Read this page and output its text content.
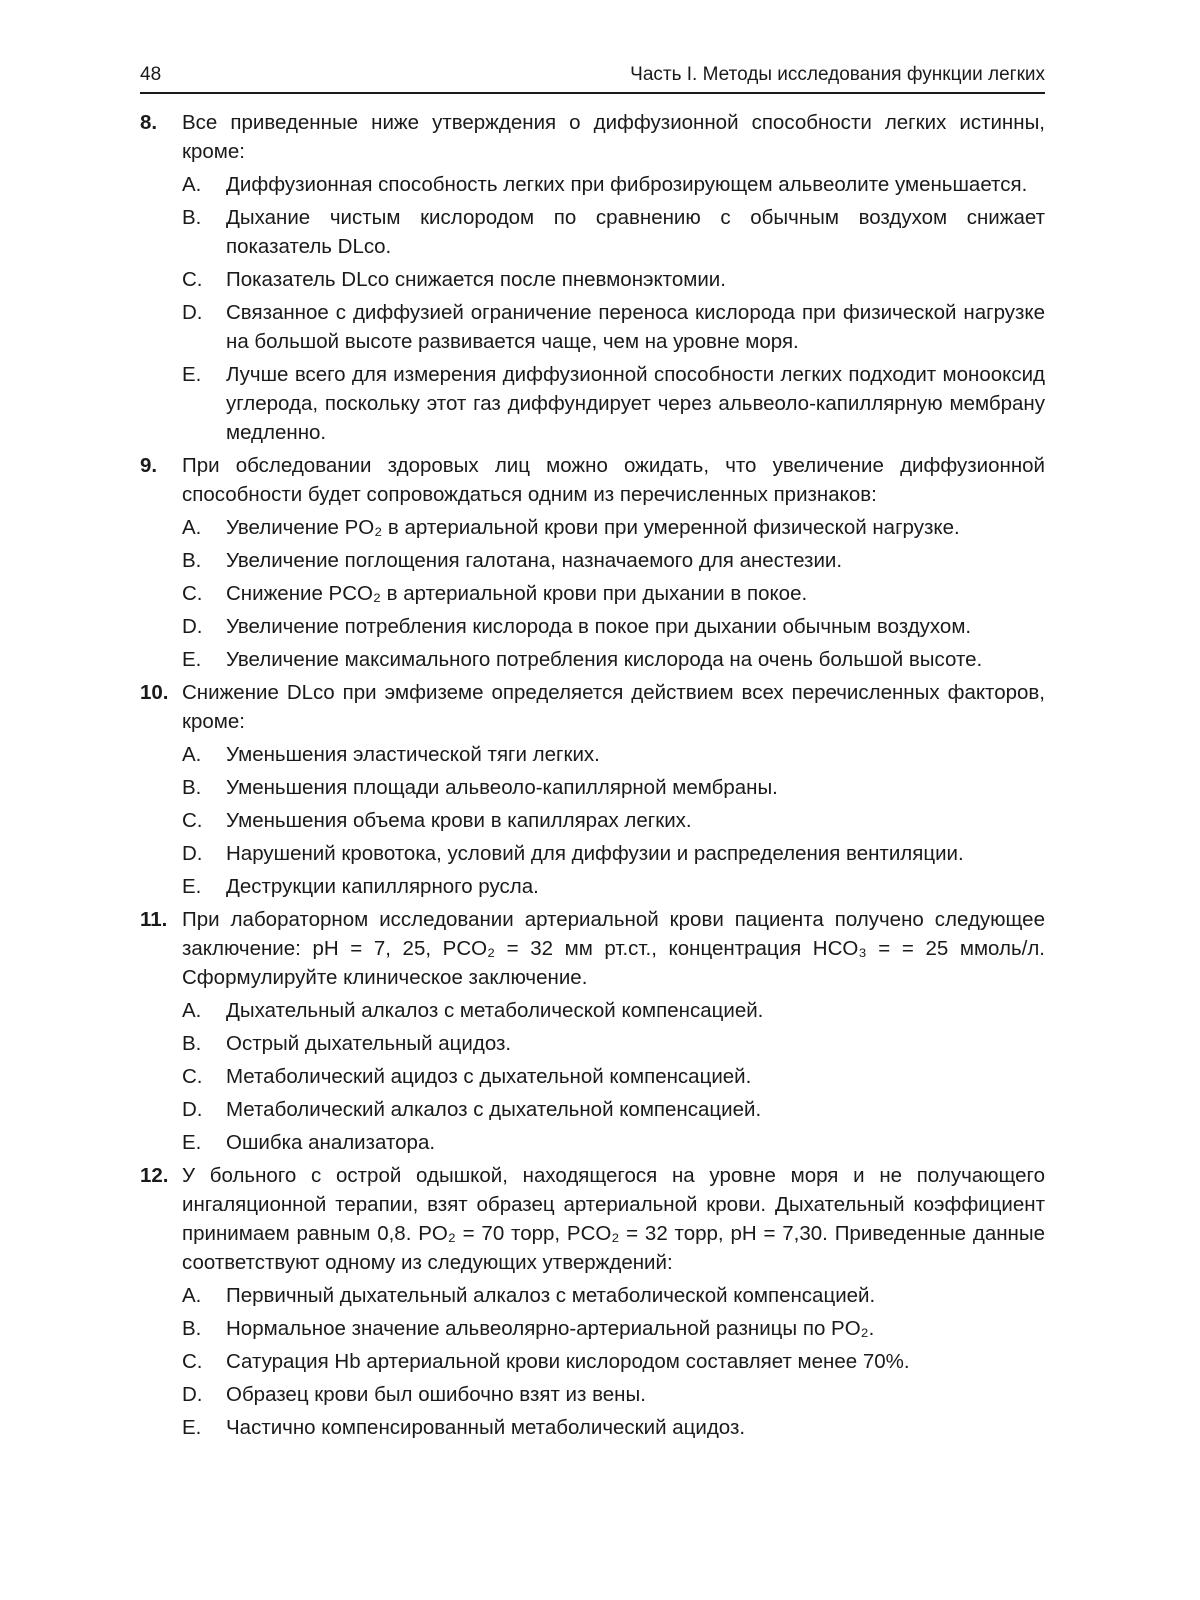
48	Часть I. Методы исследования функции легких
8.	Все приведенные ниже утверждения о диффузионной способности легких истинны, кроме:
A.	Диффузионная способность легких при фиброзирующем альвеолите уменьшается.
B.	Дыхание чистым кислородом по сравнению с обычным воздухом снижает показатель DLco.
C.	Показатель DLco снижается после пневмонэктомии.
D.	Связанное с диффузией ограничение переноса кислорода при физической нагрузке на большой высоте развивается чаще, чем на уровне моря.
E.	Лучше всего для измерения диффузионной способности легких подходит монооксид углерода, поскольку этот газ диффундирует через альвеоло-капиллярную мембрану медленно.
9.	При обследовании здоровых лиц можно ожидать, что увеличение диффузионной способности будет сопровождаться одним из перечисленных признаков:
A.	Увеличение PO₂ в артериальной крови при умеренной физической нагрузке.
B.	Увеличение поглощения галотана, назначаемого для анестезии.
C.	Снижение PCO₂ в артериальной крови при дыхании в покое.
D.	Увеличение потребления кислорода в покое при дыхании обычным воздухом.
E.	Увеличение максимального потребления кислорода на очень большой высоте.
10. Снижение DLco при эмфиземе определяется действием всех перечисленных факторов, кроме:
A.	Уменьшения эластической тяги легких.
B.	Уменьшения площади альвеоло-капиллярной мембраны.
C.	Уменьшения объема крови в капиллярах легких.
D.	Нарушений кровотока, условий для диффузии и распределения вентиляции.
E.	Деструкции капиллярного русла.
11. При лабораторном исследовании артериальной крови пациента получено следующее заключение: pH = 7, 25, PCO₂ = 32 мм рт.ст., концентрация HCO₃ = = 25 ммоль/л. Сформулируйте клиническое заключение.
A.	Дыхательный алкалоз с метаболической компенсацией.
B.	Острый дыхательный ацидоз.
C.	Метаболический ацидоз с дыхательной компенсацией.
D.	Метаболический алкалоз с дыхательной компенсацией.
E.	Ошибка анализатора.
12. У больного с острой одышкой, находящегося на уровне моря и не получающего ингаляционной терапии, взят образец артериальной крови. Дыхательный коэффициент принимаем равным 0,8. PO₂ = 70 торр, PCO₂ = 32 торр, pH = 7,30. Приведенные данные соответствуют одному из следующих утверждений:
A.	Первичный дыхательный алкалоз с метаболической компенсацией.
B.	Нормальное значение альвеолярно-артериальной разницы по PO₂.
C.	Сатурация Hb артериальной крови кислородом составляет менее 70%.
D.	Образец крови был ошибочно взят из вены.
E.	Частично компенсированный метаболический ацидоз.
